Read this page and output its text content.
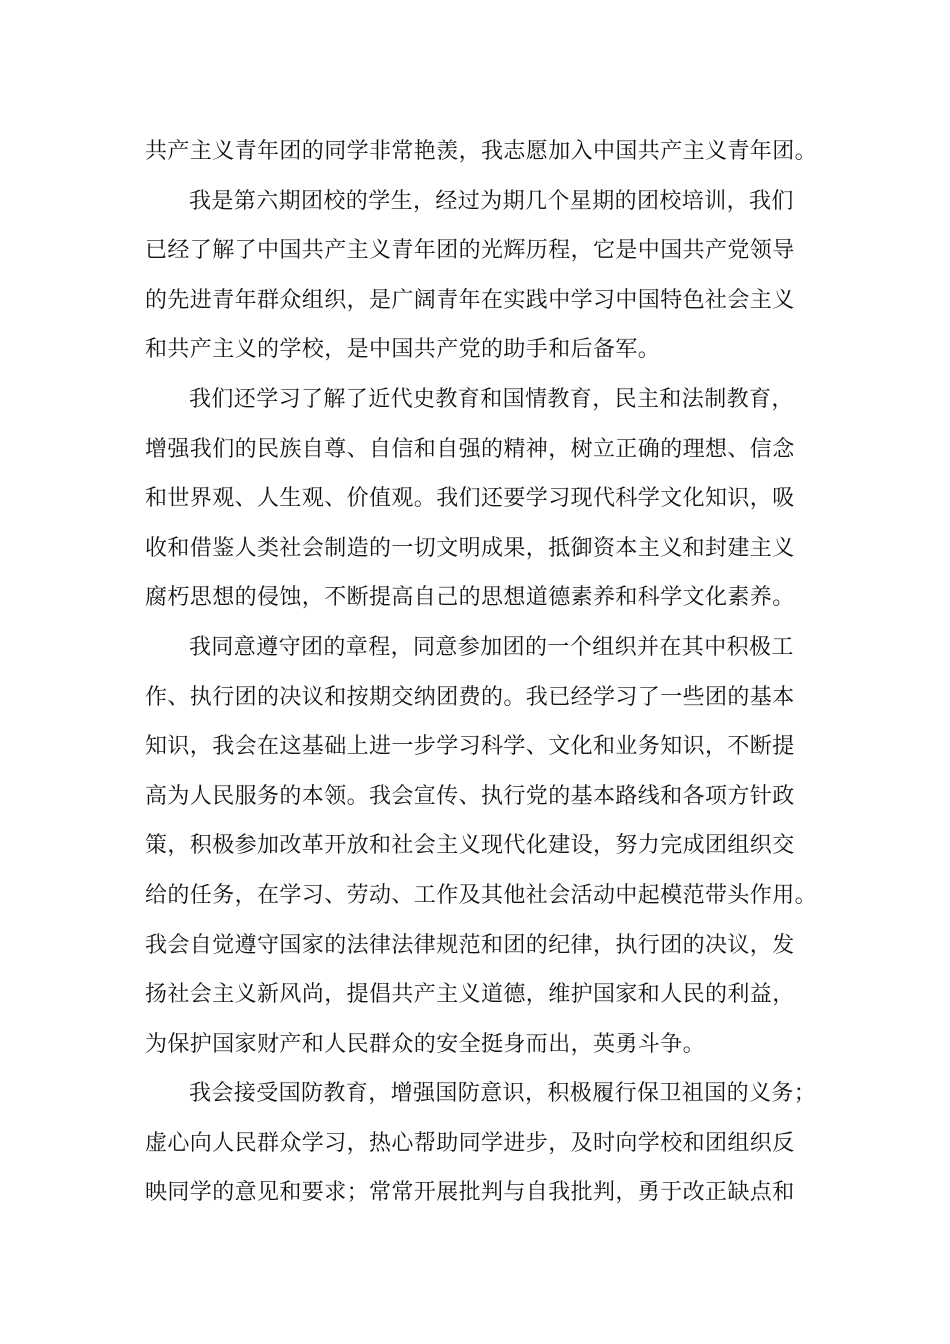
共产主义青年团的同学非常艳羡，我志愿加入中国共产主义青年团。
我是第六期团校的学生，经过为期几个星期的团校培训，我们
已经了解了中国共产主义青年团的光辉历程，它是中国共产党领导
的先进青年群众组织，是广阔青年在实践中学习中国特色社会主义
和共产主义的学校，是中国共产党的助手和后备军。
我们还学习了解了近代史教育和国情教育，民主和法制教育，
增强我们的民族自尊、自信和自强的精神，树立正确的理想、信念
和世界观、人生观、价值观。我们还要学习现代科学文化知识，吸
收和借鉴人类社会制造的一切文明成果，抵御资本主义和封建主义
腐朽思想的侵蚀，不断提高自己的思想道德素养和科学文化素养。
我同意遵守团的章程，同意参加团的一个组织并在其中积极工
作、执行团的决议和按期交纳团费的。我已经学习了一些团的基本
知识，我会在这基础上进一步学习科学、文化和业务知识，不断提
高为人民服务的本领。我会宣传、执行党的基本路线和各项方针政
策，积极参加改革开放和社会主义现代化建设，努力完成团组织交
给的任务，在学习、劳动、工作及其他社会活动中起模范带头作用。
我会自觉遵守国家的法律法律规范和团的纪律，执行团的决议，发
扬社会主义新风尚，提倡共产主义道德，维护国家和人民的利益，
为保护国家财产和人民群众的安全挺身而出，英勇斗争。
我会接受国防教育，增强国防意识，积极履行保卫祖国的义务；
虚心向人民群众学习，热心帮助同学进步，及时向学校和团组织反
映同学的意见和要求；常常开展批判与自我批判，勇于改正缺点和
